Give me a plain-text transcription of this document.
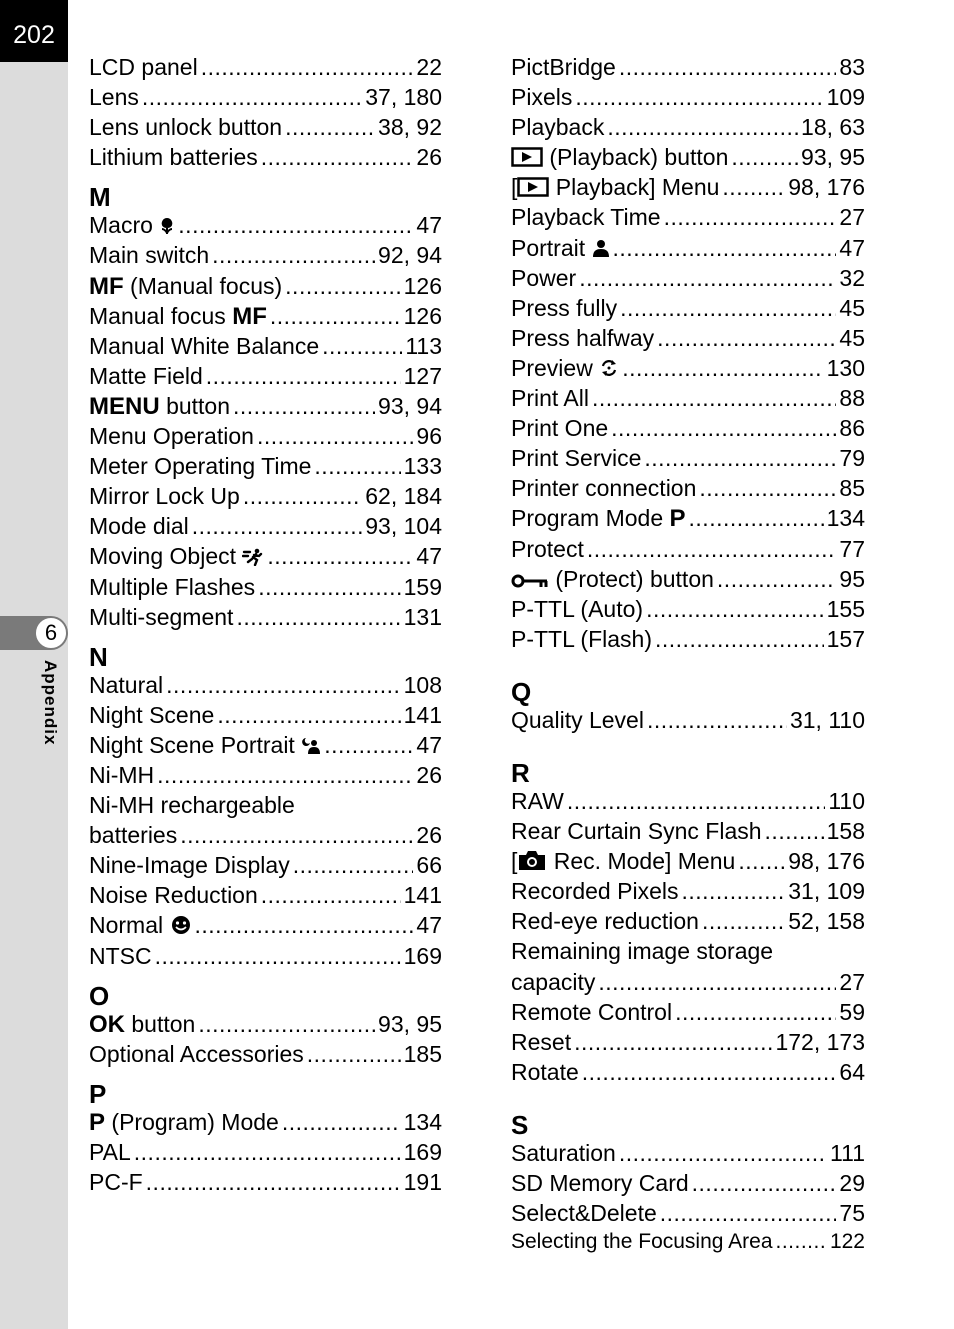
202
6
Appendix
LCD panel .....	22
Lens .....	37, 180
Lens unlock button .....	38, 92
Lithium batteries .....	26
M
Macro .....	47
Main switch .....	92, 94
MF (Manual focus) .....	126
Manual focus MF .....	126
Manual White Balance .....	113
Matte Field .....	127
MENU button .....	93, 94
Menu Operation .....	96
Meter Operating Time .....	133
Mirror Lock Up .....	62, 184
Mode dial .....	93, 104
Moving Object .....	47
Multiple Flashes .....	159
Multi-segment .....	131
N
Natural .....	108
Night Scene .....	141
Night Scene Portrait .....	47
Ni-MH .....	26
Ni-MH rechargeable
batteries .....	26
Nine-Image Display .....	66
Noise Reduction .....	141
Normal .....	47
NTSC .....	169
O
OK button .....	93, 95
Optional Accessories .....	185
P
P (Program) Mode .....	134
PAL .....	169
PC-F .....	191
PictBridge .....	83
Pixels .....	109
Playback .....	18, 63
(Playback) button .....	93, 95
[ Playback] Menu .....	98, 176
Playback Time .....	27
Portrait .....	47
Power .....	32
Press fully .....	45
Press halfway .....	45
Preview .....	130
Print All .....	88
Print One .....	86
Print Service .....	79
Printer connection .....	85
Program Mode P .....	134
Protect .....	77
(Protect) button .....	95
P-TTL (Auto) .....	155
P-TTL (Flash) .....	157
Q
Quality Level .....	31, 110
R
RAW .....	110
Rear Curtain Sync Flash .....	158
[ Rec. Mode] Menu ..... 98, 176
Recorded Pixels .....	31, 109
Red-eye reduction .....	52, 158
Remaining image storage
capacity .....	27
Remote Control .....	59
Reset .....	172, 173
Rotate .....	64
S
Saturation .....	111
SD Memory Card .....	29
Select&Delete .....	75
Selecting the Focusing Area .....	122
